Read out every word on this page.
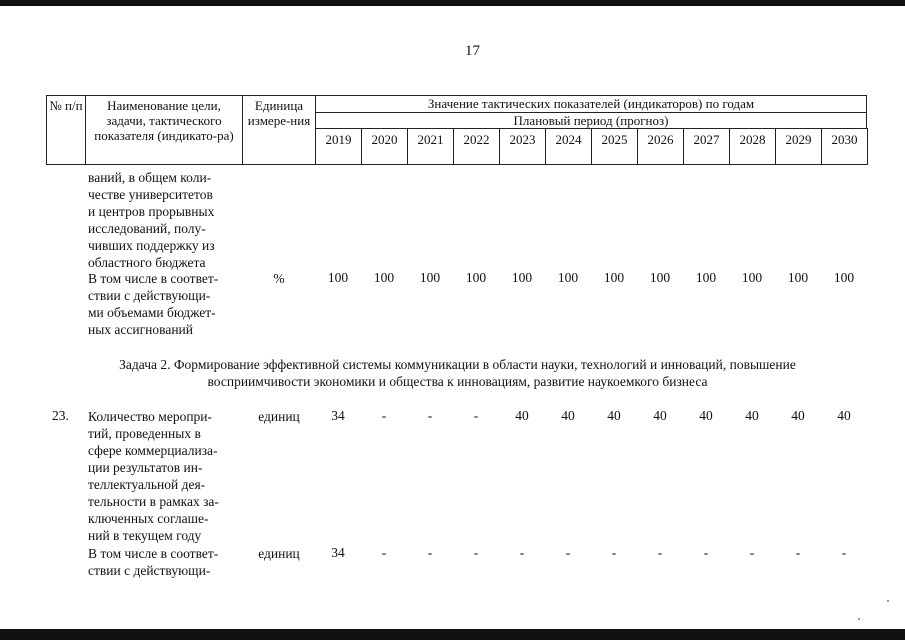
17
№ п/п	Наименование цели, задачи, тактического показателя (индикато-ра)
Единица измере-ния
Значение тактических показателей (индикаторов) по годам
Плановый период (прогноз)
2019	2020	2021	2022	2023	2024	2025	2026	2027	2028	2029	2030
ваний, в общем коли-
честве университетов
и центров прорывных
исследований, полу-
чивших поддержку из
областного бюджета
В том числе в соответ-
ствии с действующи-
ми объемами бюджет-
ных ассигнований
%	100	100	100	100	100	100	100	100	100	100	100	100
Задача 2. Формирование эффективной системы коммуникации в области науки, технологий и инноваций, повышение
восприимчивости экономики и общества к инновациям, развитие наукоемкого бизнеса
23. Количество меропри-
тий, проведенных в
сфере коммерциализа-
ции результатов ин-
теллектуальной дея-
тельности в рамках за-
ключенных соглаше-
ний в текущем году
единиц	34	-	-	-	40	40	40	40	40	40	40	40
В том числе в соответ-
ствии с действующи-
единиц	34	-	-	-	-	-	-	-	-	-	-	-
